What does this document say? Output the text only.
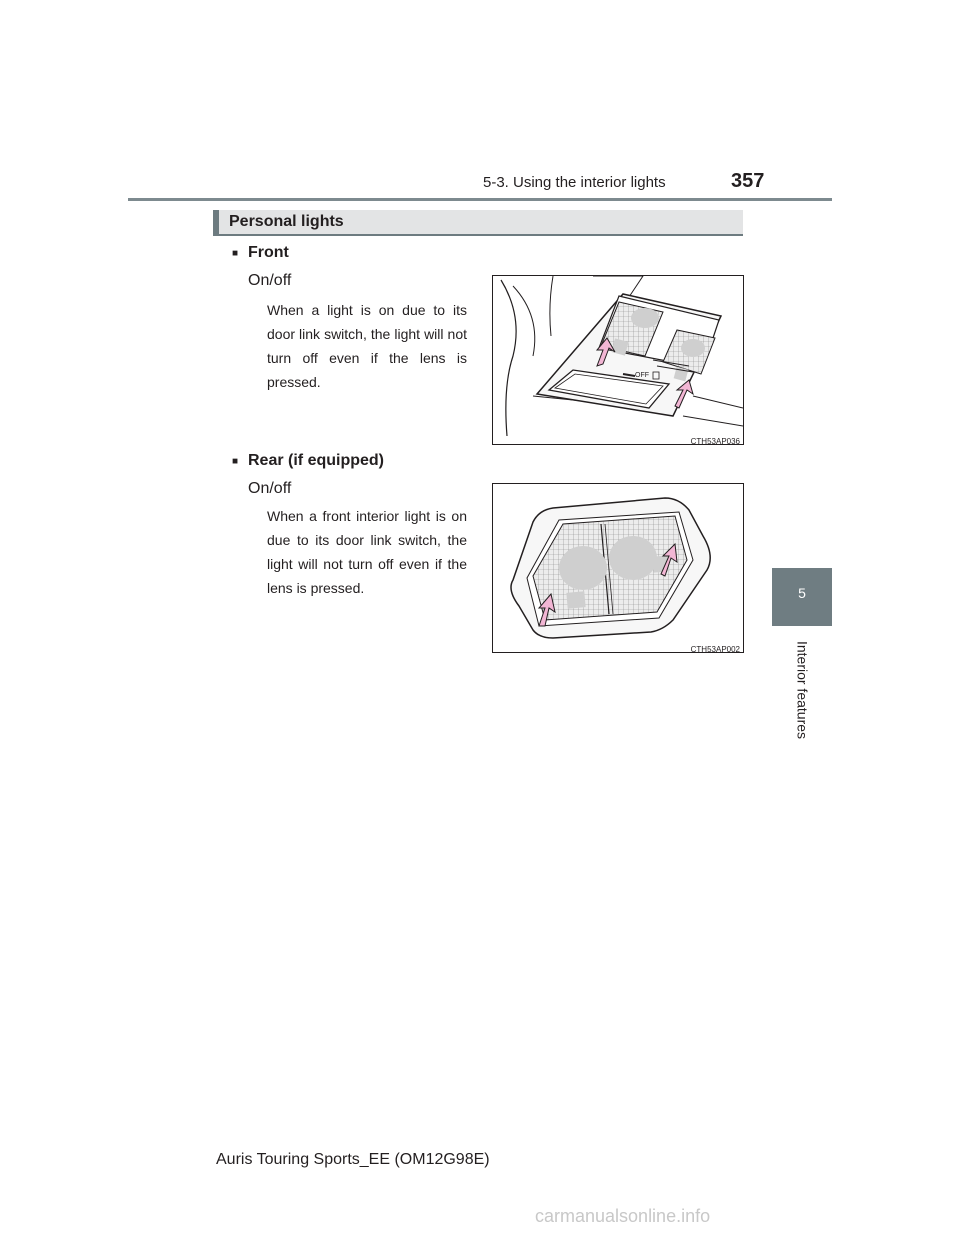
5-3. Using the interior lights	357
5
Interior features
Personal lights
■ Front
On/off
When a light is on due to its door link switch, the light will not turn off even if the lens is pressed.	OFF
CTH53AP036
■ Rear (if equipped)
On/off
When a front interior light is on due to its door link switch, the light will not turn off even if the lens is pressed.
CTH53AP002
Auris Touring Sports_EE (OM12G98E)
carmanualsonline.info
